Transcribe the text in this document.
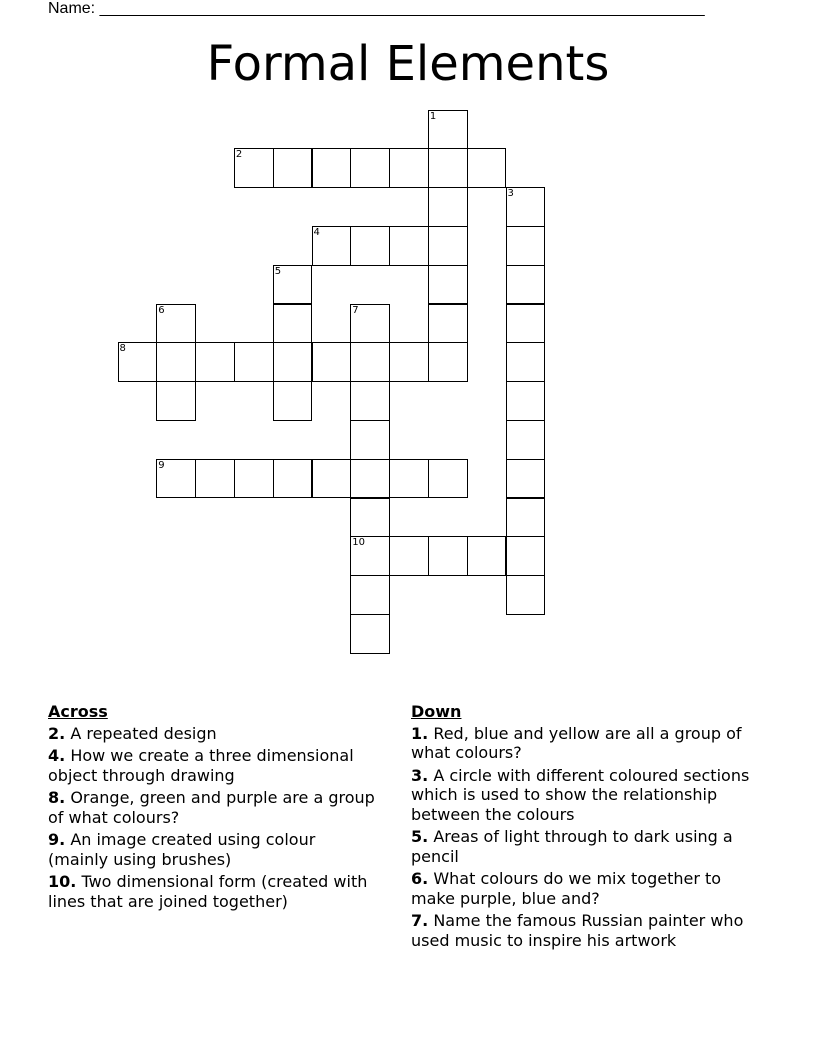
Name: ____________________________________________________________________
Formal Elements
1
2
3
4
5
6	7
8
9
10
Across
2. A repeated design
4. How we create a three dimensional object through drawing
8. Orange, green and purple are a group of what colours?
9. An image created using colour (mainly using brushes)
10. Two dimensional form (created with lines that are joined together)
Down
1. Red, blue and yellow are all a group of what colours?
3. A circle with different coloured sections which is used to show the relationship between the colours
5. Areas of light through to dark using a pencil
6. What colours do we mix together to make purple, blue and?
7. Name the famous Russian painter who used music to inspire his artwork
